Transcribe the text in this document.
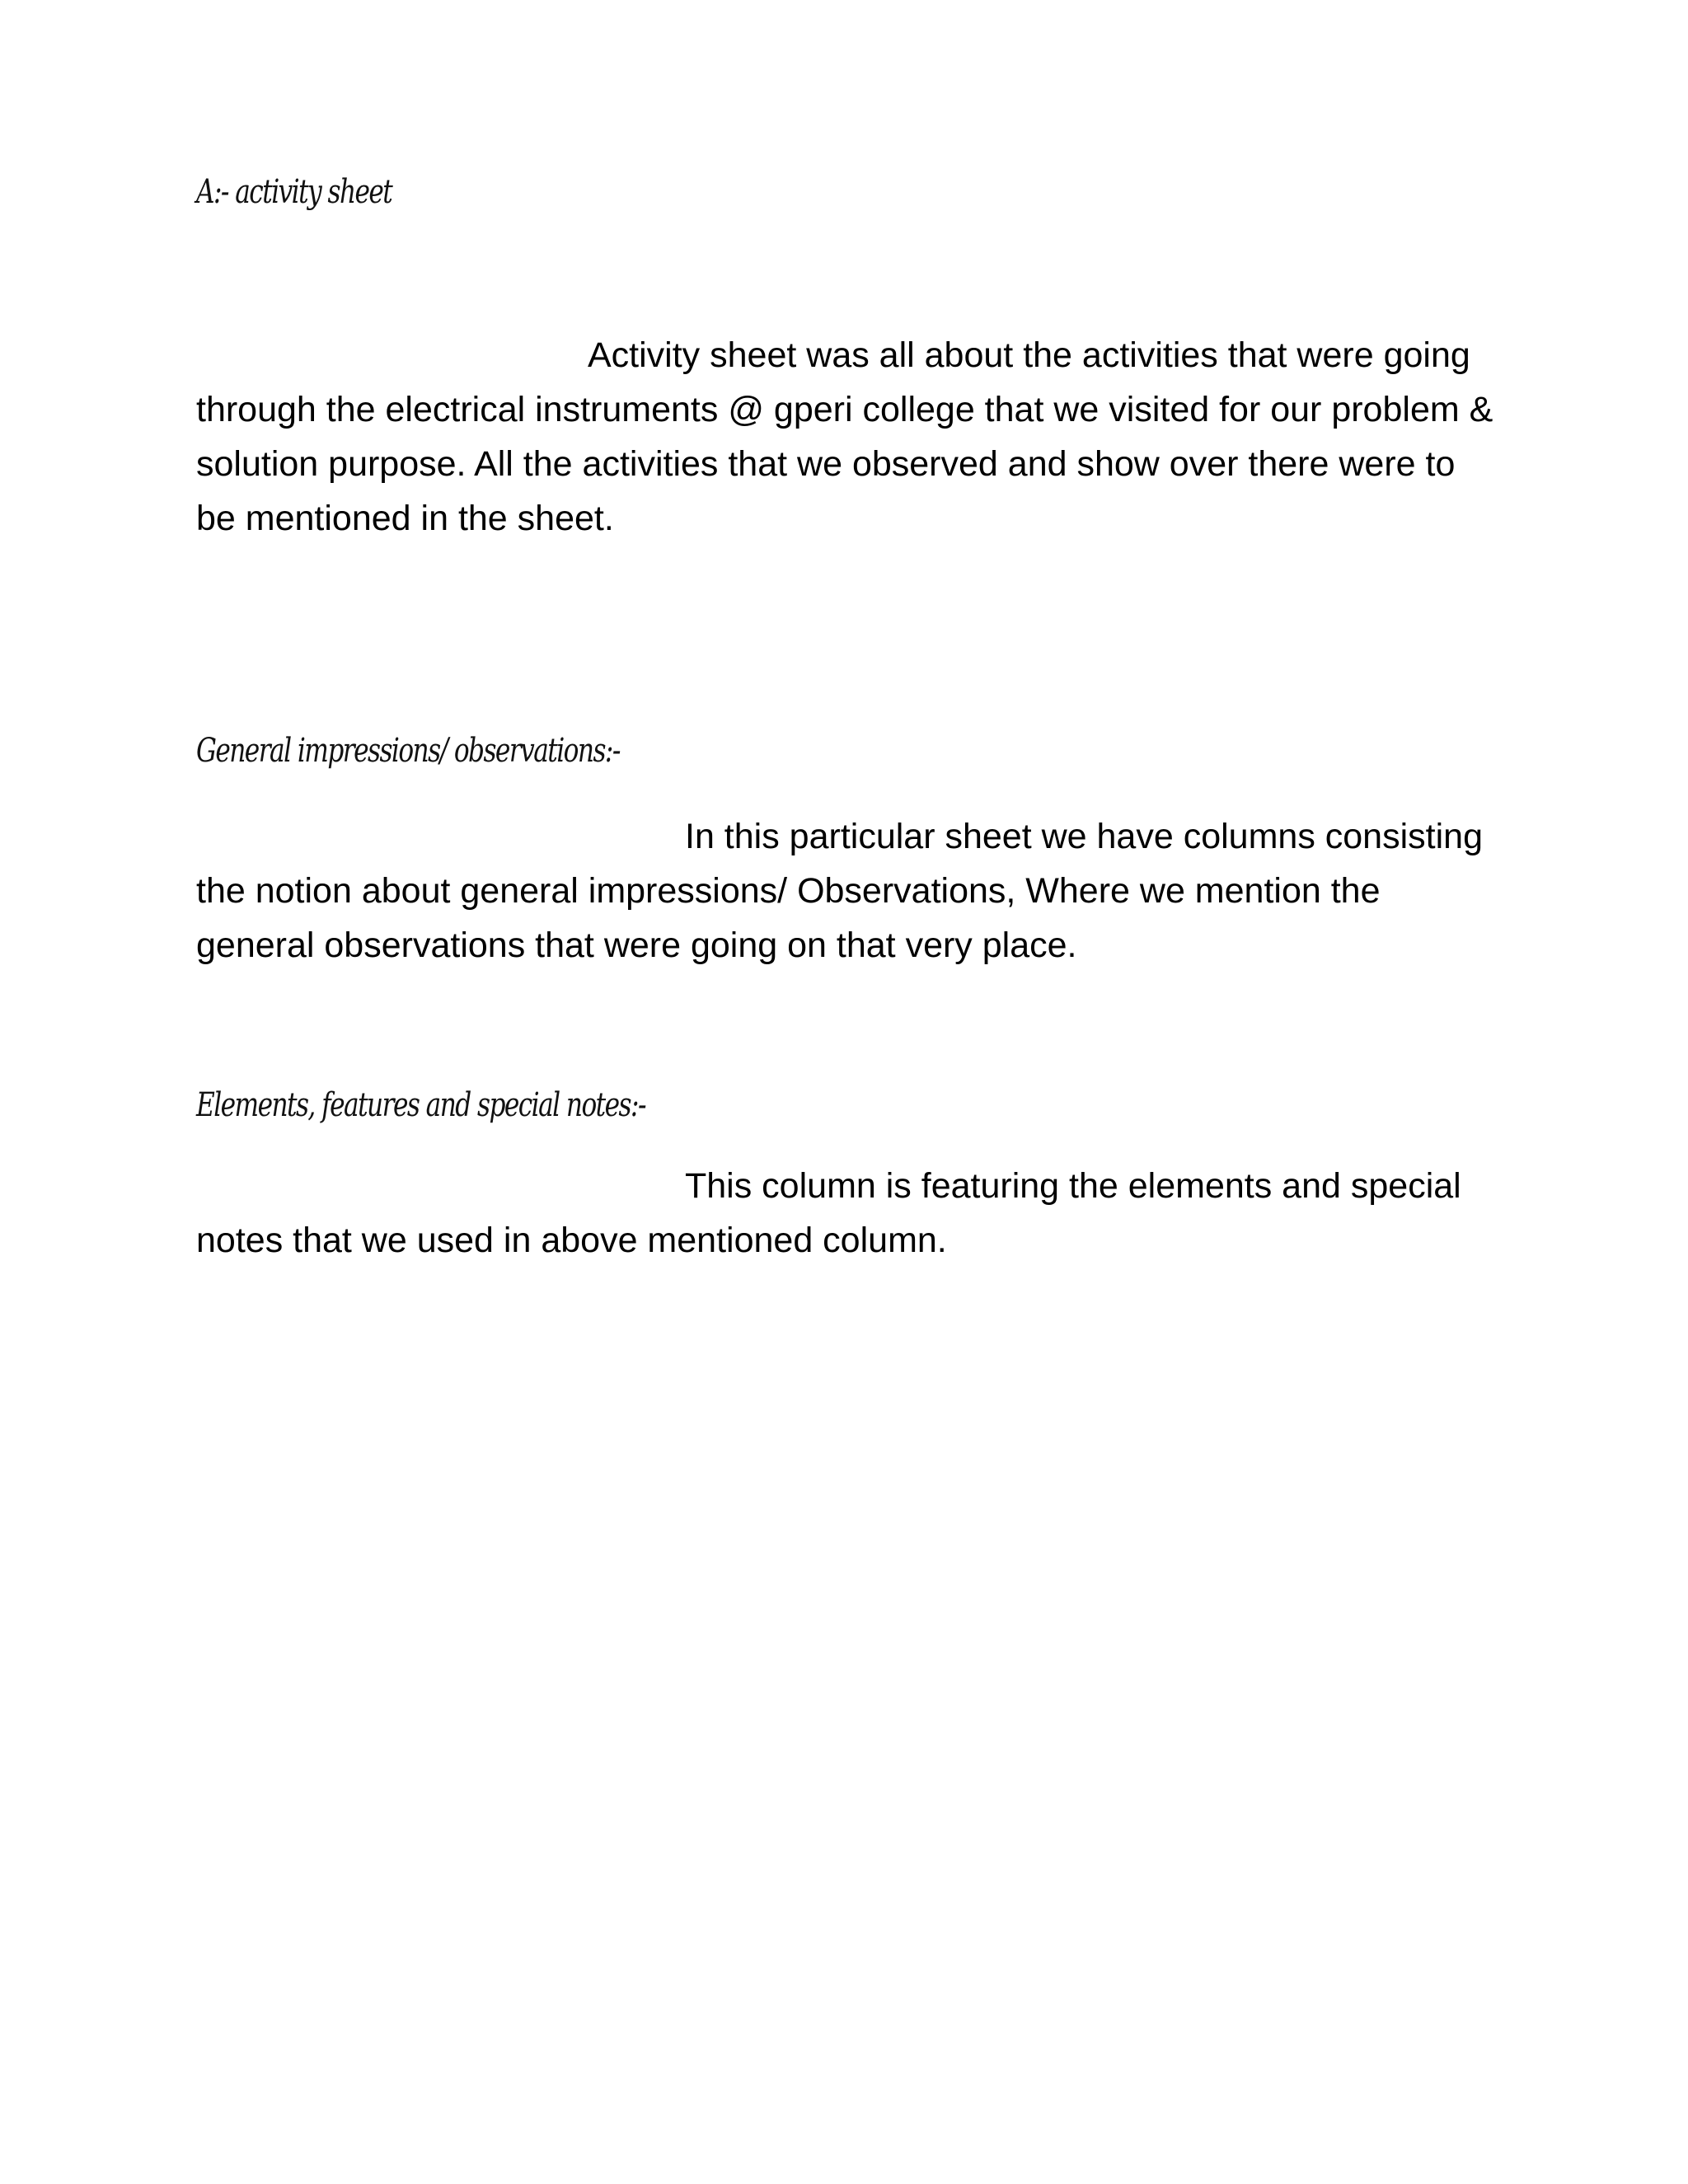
A:- activity sheet
Activity sheet was all about the activities that were going
through the electrical instruments @ gperi college that we visited for our problem &
solution purpose. All the activities that we observed and show over there were to
be mentioned in the sheet.
General impressions/ observations:-
In this particular sheet we have columns consisting
the notion about general impressions/ Observations, Where we mention the
general observations that were going on that very place.
Elements, features and special notes:-
This column is featuring the elements and special
notes that we used in above mentioned column.
